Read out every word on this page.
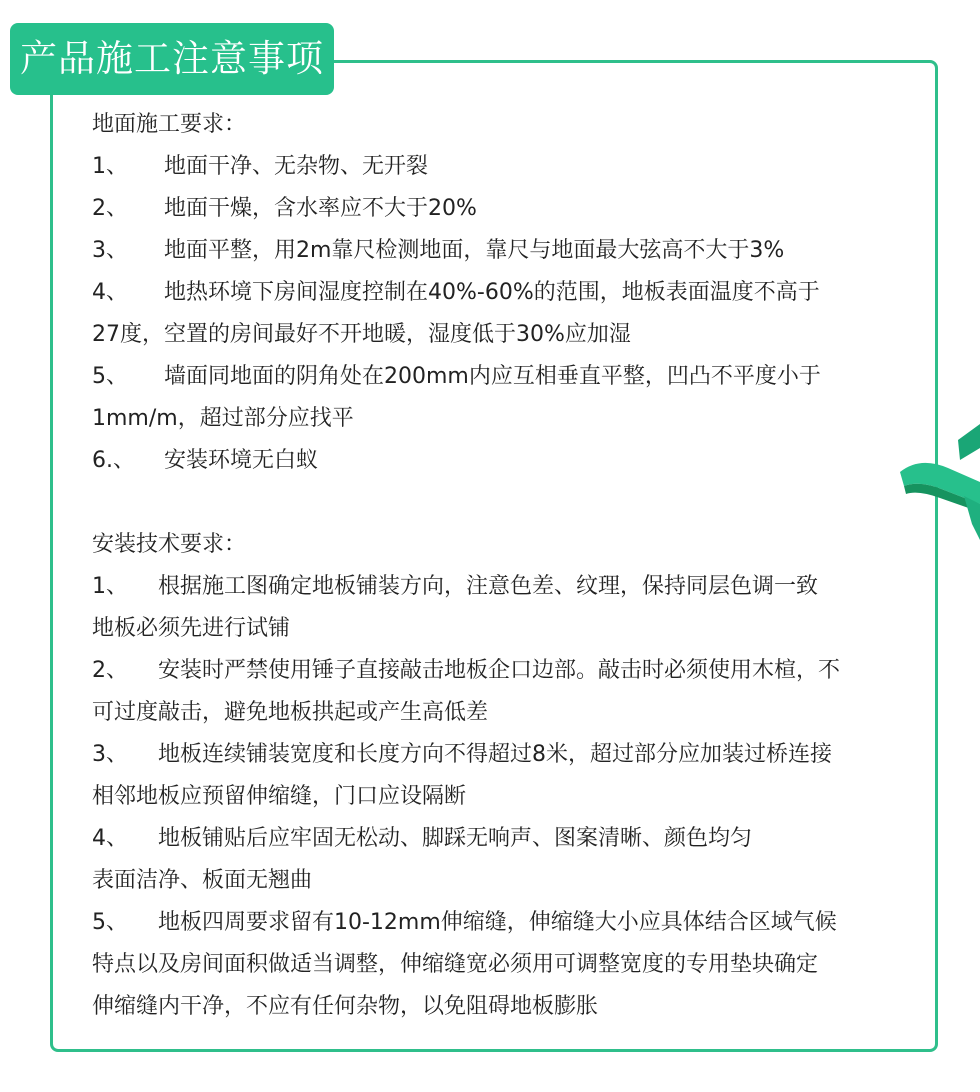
产品施工注意事项
地面施工要求：
1、 地面干净、无杂物、无开裂
2、 地面干燥，含水率应不大于20%
3、 地面平整，用2m靠尺检测地面，靠尺与地面最大弦高不大于3%
4、 地热环境下房间湿度控制在40%-60%的范围，地板表面温度不高于
27度，空置的房间最好不开地暖，湿度低于30%应加湿
5、 墙面同地面的阴角处在200mm内应互相垂直平整，凹凸不平度小于
1mm/m，超过部分应找平
6.、 安装环境无白蚁
安装技术要求：
1、 根据施工图确定地板铺装方向，注意色差、纹理，保持同层色调一致
地板必须先进行试铺
2、 安装时严禁使用锤子直接敲击地板企口边部。敲击时必须使用木楦，不
可过度敲击，避免地板拱起或产生高低差
3、 地板连续铺装宽度和长度方向不得超过8米，超过部分应加装过桥连接
相邻地板应预留伸缩缝，门口应设隔断
4、 地板铺贴后应牢固无松动、脚踩无响声、图案清晰、颜色均匀
表面洁净、板面无翘曲
5、 地板四周要求留有10-12mm伸缩缝，伸缩缝大小应具体结合区域气候
特点以及房间面积做适当调整，伸缩缝宽必须用可调整宽度的专用垫块确定
伸缩缝内干净，不应有任何杂物，以免阻碍地板膨胀
